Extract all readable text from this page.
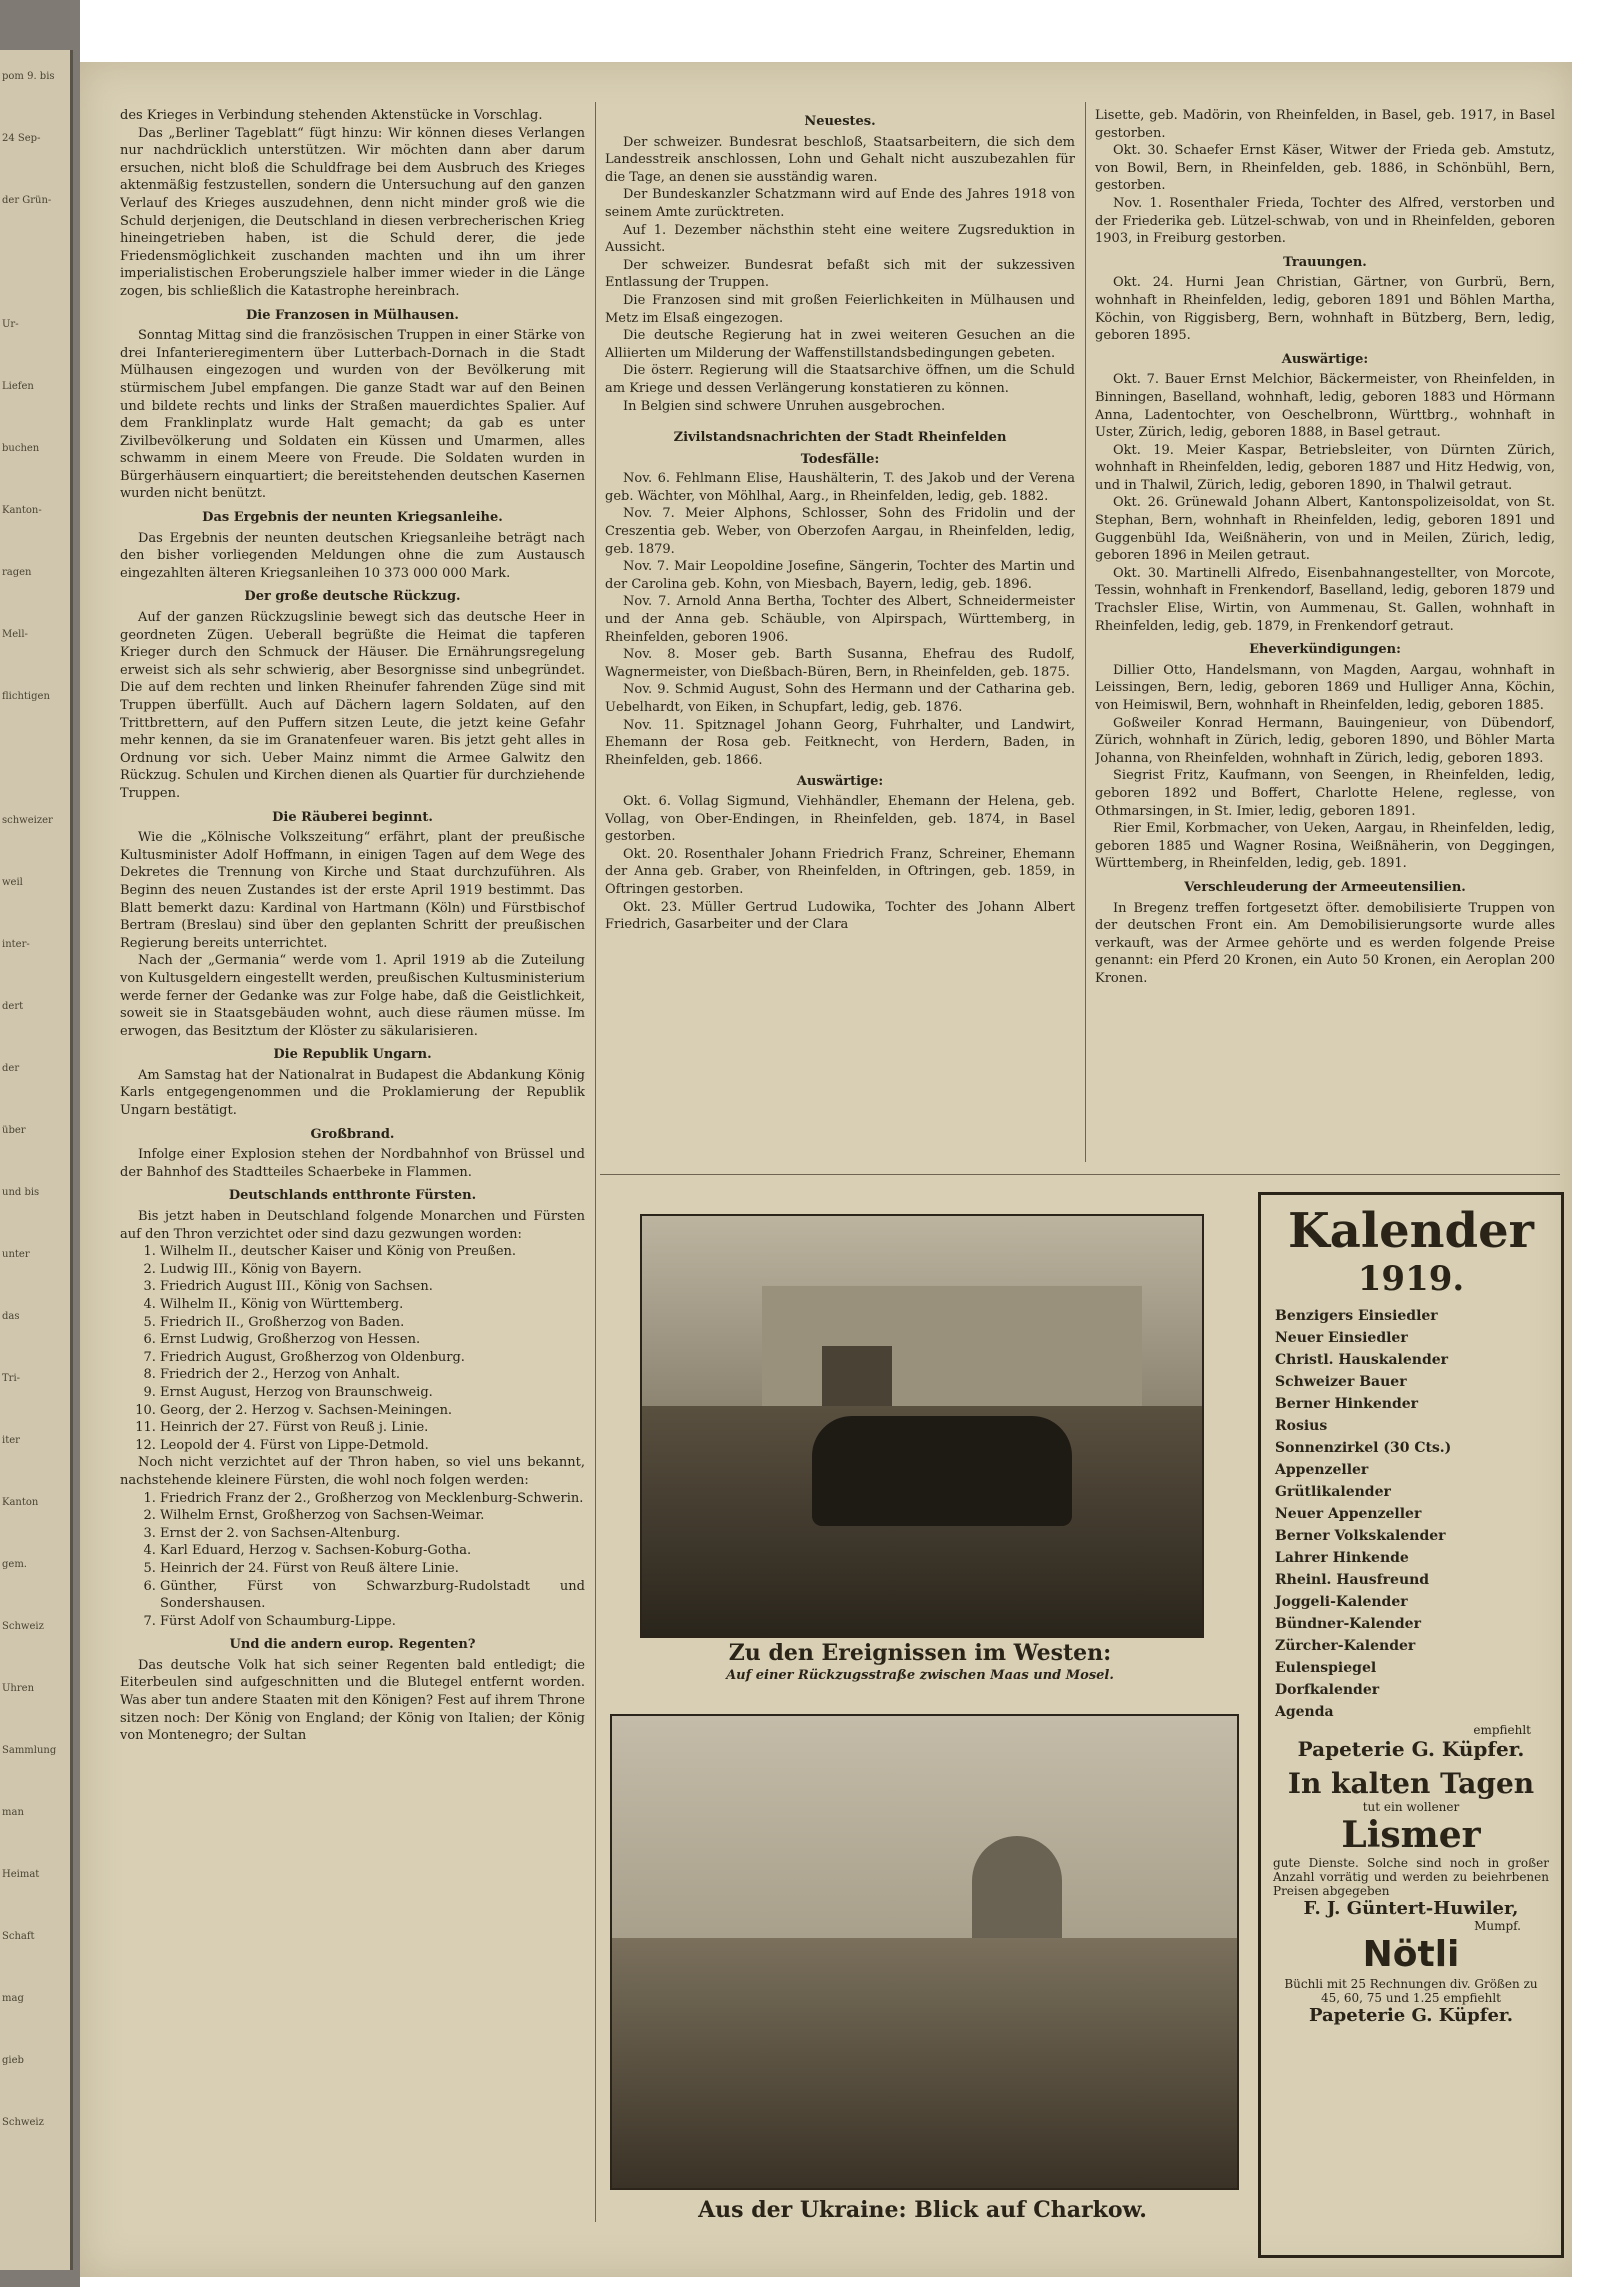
pom 9. bis
24 Sep-
der Grün-
Ur-
Liefen
buchen
Kanton-
ragen
Mell-
flichtigen
schweizer
weil
inter-
dert
der
über
und bis
unter
das
Tri-
iter
Kanton
gem.
Schweiz
Uhren
Sammlung
man
Heimat
Schaft
mag
gieb
Schweiz

des Krieges in Verbindung stehenden Aktenstücke in Vorschlag.

Das „Berliner Tageblatt“ fügt hinzu: Wir können dieses Verlangen nur nachdrücklich unterstützen. Wir möchten dann aber darum ersuchen, nicht bloß die Schuldfrage bei dem Ausbruch des Krieges aktenmäßig festzustellen, sondern die Untersuchung auf den ganzen Verlauf des Krieges auszudehnen, denn nicht minder groß wie die Schuld derjenigen, die Deutschland in diesen verbrecherischen Krieg hineingetrieben haben, ist die Schuld derer, die jede Friedensmöglichkeit zuschanden machten und ihn um ihrer imperialistischen Eroberungsziele halber immer wieder in die Länge zogen, bis schließlich die Katastrophe hereinbrach.

Die Franzosen in Mülhausen.

Sonntag Mittag sind die französischen Truppen in einer Stärke von drei Infanterieregimentern über Lutterbach-Dornach in die Stadt Mülhausen eingezogen und wurden von der Bevölkerung mit stürmischem Jubel empfangen. Die ganze Stadt war auf den Beinen und bildete rechts und links der Straßen mauerdichtes Spalier. Auf dem Franklinplatz wurde Halt gemacht; da gab es unter Zivilbevölkerung und Soldaten ein Küssen und Umarmen, alles schwamm in einem Meere von Freude. Die Soldaten wurden in Bürgerhäusern einquartiert; die bereitstehenden deutschen Kasernen wurden nicht benützt.

Das Ergebnis der neunten Kriegsanleihe.

Das Ergebnis der neunten deutschen Kriegsanleihe beträgt nach den bisher vorliegenden Meldungen ohne die zum Austausch eingezahlten älteren Kriegsanleihen 10 373 000 000 Mark.

Der große deutsche Rückzug.

Auf der ganzen Rückzugslinie bewegt sich das deutsche Heer in geordneten Zügen. Ueberall begrüßte die Heimat die tapferen Krieger durch den Schmuck der Häuser. Die Ernährungsregelung erweist sich als sehr schwierig, aber Besorgnisse sind unbegründet. Die auf dem rechten und linken Rheinufer fahrenden Züge sind mit Truppen überfüllt. Auch auf Dächern lagern Soldaten, auf den Trittbrettern, auf den Puffern sitzen Leute, die jetzt keine Gefahr mehr kennen, da sie im Granatenfeuer waren. Bis jetzt geht alles in Ordnung vor sich. Ueber Mainz nimmt die Armee Galwitz den Rückzug. Schulen und Kirchen dienen als Quartier für durchziehende Truppen.

Die Räuberei beginnt.

Wie die „Kölnische Volkszeitung“ erfährt, plant der preußische Kultusminister Adolf Hoffmann, in einigen Tagen auf dem Wege des Dekretes die Trennung von Kirche und Staat durchzuführen. Als Beginn des neuen Zustandes ist der erste April 1919 bestimmt. Das Blatt bemerkt dazu: Kardinal von Hartmann (Köln) und Fürstbischof Bertram (Breslau) sind über den geplanten Schritt der preußischen Regierung bereits unterrichtet.

Nach der „Germania“ werde vom 1. April 1919 ab die Zuteilung von Kultusgeldern eingestellt werden, preußischen Kultusministerium werde ferner der Gedanke was zur Folge habe, daß die Geistlichkeit, soweit sie in Staatsgebäuden wohnt, auch diese räumen müsse. Im erwogen, das Besitztum der Klöster zu säkularisieren.

Die Republik Ungarn.

Am Samstag hat der Nationalrat in Budapest die Abdankung König Karls entgegengenommen und die Proklamierung der Republik Ungarn bestätigt.

Großbrand.

Infolge einer Explosion stehen der Nordbahnhof von Brüssel und der Bahnhof des Stadtteiles Schaerbeke in Flammen.

Deutschlands entthronte Fürsten.

Bis jetzt haben in Deutschland folgende Monarchen und Fürsten auf den Thron verzichtet oder sind dazu gezwungen worden:

1. Wilhelm II., deutscher Kaiser und König von Preußen.
2. Ludwig III., König von Bayern.
3. Friedrich August III., König von Sachsen.
4. Wilhelm II., König von Württemberg.
5. Friedrich II., Großherzog von Baden.
6. Ernst Ludwig, Großherzog von Hessen.
7. Friedrich August, Großherzog von Oldenburg.
8. Friedrich der 2., Herzog von Anhalt.
9. Ernst August, Herzog von Braunschweig.
10. Georg, der 2. Herzog v. Sachsen-Meiningen.
11. Heinrich der 27. Fürst von Reuß j. Linie.
12. Leopold der 4. Fürst von Lippe-Detmold.

Noch nicht verzichtet auf der Thron haben, so viel uns bekannt, nachstehende kleinere Fürsten, die wohl noch folgen werden:

1. Friedrich Franz der 2., Großherzog von Mecklenburg-Schwerin.
2. Wilhelm Ernst, Großherzog von Sachsen-Weimar.
3. Ernst der 2. von Sachsen-Altenburg.
4. Karl Eduard, Herzog v. Sachsen-Koburg-Gotha.
5. Heinrich der 24. Fürst von Reuß ältere Linie.
6. Günther, Fürst von Schwarzburg-Rudolstadt und Sondershausen.
7. Fürst Adolf von Schaumburg-Lippe.
Und die andern europ. Regenten?

Das deutsche Volk hat sich seiner Regenten bald entledigt; die Eiterbeulen sind aufgeschnitten und die Blutegel entfernt worden. Was aber tun andere Staaten mit den Königen? Fest auf ihrem Throne sitzen noch: Der König von England; der König von Italien; der König von Montenegro; der Sultan

Neuestes.

Der schweizer. Bundesrat beschloß, Staatsarbeitern, die sich dem Landesstreik anschlossen, Lohn und Gehalt nicht auszubezahlen für die Tage, an denen sie ausständig waren.

Der Bundeskanzler Schatzmann wird auf Ende des Jahres 1918 von seinem Amte zurücktreten.

Auf 1. Dezember nächsthin steht eine weitere Zugsreduktion in Aussicht.

Der schweizer. Bundesrat befaßt sich mit der sukzessiven Entlassung der Truppen.

Die Franzosen sind mit großen Feierlichkeiten in Mülhausen und Metz im Elsaß eingezogen.

Die deutsche Regierung hat in zwei weiteren Gesuchen an die Alliierten um Milderung der Waffenstillstandsbedingungen gebeten.

Die österr. Regierung will die Staatsarchive öffnen, um die Schuld am Kriege und dessen Verlängerung konstatieren zu können.

In Belgien sind schwere Unruhen ausgebrochen.

Zivilstandsnachrichten der Stadt Rheinfelden
Todesfälle:

Nov. 6. Fehlmann Elise, Haushälterin, T. des Jakob und der Verena geb. Wächter, von Möhlhal, Aarg., in Rheinfelden, ledig, geb. 1882.

Nov. 7. Meier Alphons, Schlosser, Sohn des Fridolin und der Creszentia geb. Weber, von Oberzofen Aargau, in Rheinfelden, ledig, geb. 1879.

Nov. 7. Mair Leopoldine Josefine, Sängerin, Tochter des Martin und der Carolina geb. Kohn, von Miesbach, Bayern, ledig, geb. 1896.

Nov. 7. Arnold Anna Bertha, Tochter des Albert, Schneidermeister und der Anna geb. Schäuble, von Alpirspach, Württemberg, in Rheinfelden, geboren 1906.

Nov. 8. Moser geb. Barth Susanna, Ehefrau des Rudolf, Wagnermeister, von Dießbach-Büren, Bern, in Rheinfelden, geb. 1875.

Nov. 9. Schmid August, Sohn des Hermann und der Catharina geb. Uebelhardt, von Eiken, in Schupfart, ledig, geb. 1876.

Nov. 11. Spitznagel Johann Georg, Fuhrhalter, und Landwirt, Ehemann der Rosa geb. Feitknecht, von Herdern, Baden, in Rheinfelden, geb. 1866.

Auswärtige:

Okt. 6. Vollag Sigmund, Viehhändler, Ehemann der Helena, geb. Vollag, von Ober-Endingen, in Rheinfelden, geb. 1874, in Basel gestorben.

Okt. 20. Rosenthaler Johann Friedrich Franz, Schreiner, Ehemann der Anna geb. Graber, von Rheinfelden, in Oftringen, geb. 1859, in Oftringen gestorben.

Okt. 23. Müller Gertrud Ludowika, Tochter des Johann Albert Friedrich, Gasarbeiter und der Clara

Lisette, geb. Madörin, von Rheinfelden, in Basel, geb. 1917, in Basel gestorben.

Okt. 30. Schaefer Ernst Käser, Witwer der Frieda geb. Amstutz, von Bowil, Bern, in Rheinfelden, geb. 1886, in Schönbühl, Bern, gestorben.

Nov. 1. Rosenthaler Frieda, Tochter des Alfred, verstorben und der Friederika geb. Lützel-schwab, von und in Rheinfelden, geboren 1903, in Freiburg gestorben.

Trauungen.

Okt. 24. Hurni Jean Christian, Gärtner, von Gurbrü, Bern, wohnhaft in Rheinfelden, ledig, geboren 1891 und Böhlen Martha, Köchin, von Riggisberg, Bern, wohnhaft in Bützberg, Bern, ledig, geboren 1895.

Auswärtige:

Okt. 7. Bauer Ernst Melchior, Bäckermeister, von Rheinfelden, in Binningen, Baselland, wohnhaft, ledig, geboren 1883 und Hörmann Anna, Ladentochter, von Oeschelbronn, Württbrg., wohnhaft in Uster, Zürich, ledig, geboren 1888, in Basel getraut.

Okt. 19. Meier Kaspar, Betriebsleiter, von Dürnten Zürich, wohnhaft in Rheinfelden, ledig, geboren 1887 und Hitz Hedwig, von, und in Thalwil, Zürich, ledig, geboren 1890, in Thalwil getraut.

Okt. 26. Grünewald Johann Albert, Kantonspolizeisoldat, von St. Stephan, Bern, wohnhaft in Rheinfelden, ledig, geboren 1891 und Guggenbühl Ida, Weißnäherin, von und in Meilen, Zürich, ledig, geboren 1896 in Meilen getraut.

Okt. 30. Martinelli Alfredo, Eisenbahnangestellter, von Morcote, Tessin, wohnhaft in Frenkendorf, Baselland, ledig, geboren 1879 und Trachsler Elise, Wirtin, von Aummenau, St. Gallen, wohnhaft in Rheinfelden, ledig, geb. 1879, in Frenkendorf getraut.

Eheverkündigungen:

Dillier Otto, Handelsmann, von Magden, Aargau, wohnhaft in Leissingen, Bern, ledig, geboren 1869 und Hulliger Anna, Köchin, von Heimiswil, Bern, wohnhaft in Rheinfelden, ledig, geboren 1885.

Goßweiler Konrad Hermann, Bauingenieur, von Dübendorf, Zürich, wohnhaft in Zürich, ledig, geboren 1890, und Böhler Marta Johanna, von Rheinfelden, wohnhaft in Zürich, ledig, geboren 1893.

Siegrist Fritz, Kaufmann, von Seengen, in Rheinfelden, ledig, geboren 1892 und Boffert, Charlotte Helene, reglesse, von Othmarsingen, in St. Imier, ledig, geboren 1891.

Rier Emil, Korbmacher, von Ueken, Aargau, in Rheinfelden, ledig, geboren 1885 und Wagner Rosina, Weißnäherin, von Deggingen, Württemberg, in Rheinfelden, ledig, geb. 1891.

Verschleuderung der Armeeutensilien.

In Bregenz treffen fortgesetzt öfter. demobilisierte Truppen von der deutschen Front ein. Am Demobilisierungsorte wurde alles verkauft, was der Armee gehörte und es werden folgende Preise genannt: ein Pferd 20 Kronen, ein Auto 50 Kronen, ein Aeroplan 200 Kronen.

Zu den Ereignissen im Westen:
Auf einer Rückzugsstraße zwischen Maas und Mosel.
Aus der Ukraine: Blick auf Charkow.
Kalender
1919.
Benzigers Einsiedler
Neuer Einsiedler
Christl. Hauskalender
Schweizer Bauer
Berner Hinkender
Rosius
Sonnenzirkel (30 Cts.)
Appenzeller
Grütlikalender
Neuer Appenzeller
Berner Volkskalender
Lahrer Hinkende
Rheinl. Hausfreund
Joggeli-Kalender
Bündner-Kalender
Zürcher-Kalender
Eulenspiegel
Dorfkalender
Agenda
empfiehlt
Papeterie G. Küpfer.
In kalten Tagen
tut ein wollener
Lismer
gute Dienste. Solche sind noch in großer Anzahl vorrätig und werden zu beiehrbenen Preisen abgegeben
F. J. Güntert-Huwiler,
Mumpf.
Nötli
Büchli mit 25 Rechnungen div. Größen zu 45, 60, 75 und 1.25 empfiehlt
Papeterie G. Küpfer.
